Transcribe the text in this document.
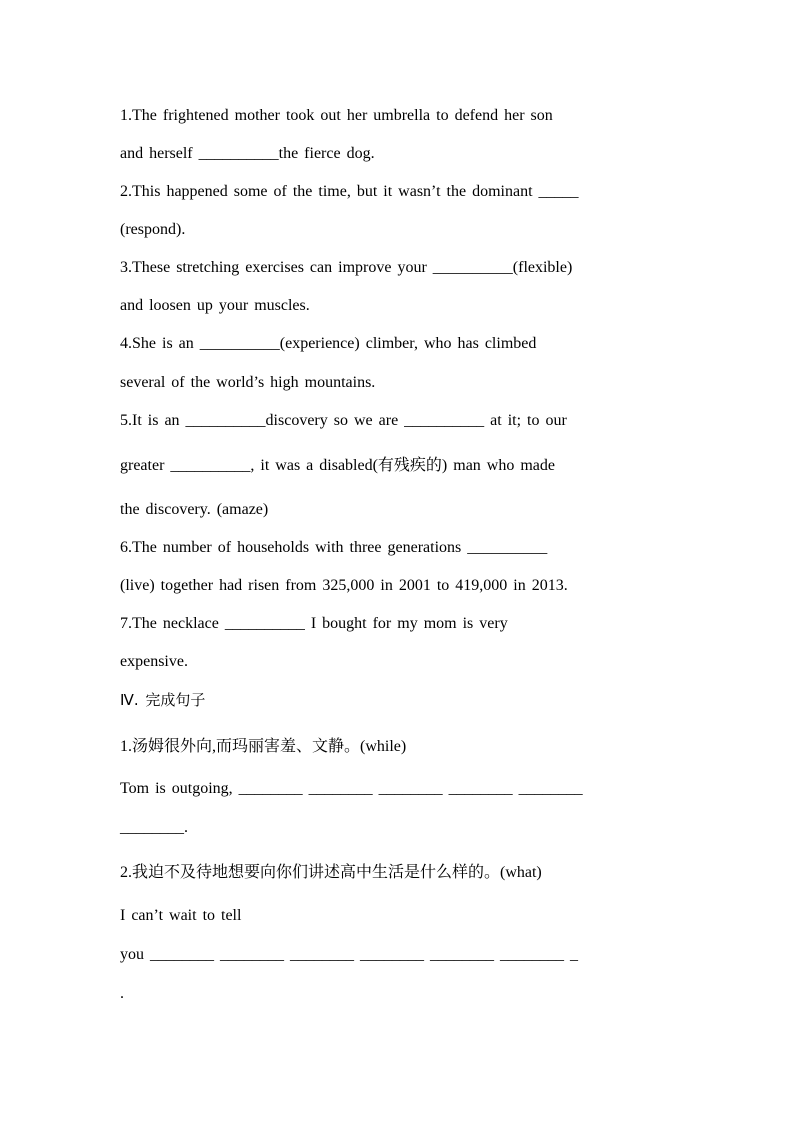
1.The frightened mother took out her umbrella to defend her son
and herself __________the fierce dog.
2.This happened some of the time, but it wasn’t the dominant _____
(respond).
3.These stretching exercises can improve your __________(flexible)
and loosen up your muscles.
4.She is an __________(experience) climber, who has climbed
several of the world’s high mountains.
5.It is an __________discovery so we are __________ at it; to our
greater __________, it was a disabled(有残疾的) man who made
the discovery. (amaze)
6.The number of households with three generations __________
(live) together had risen from 325,000 in 2001 to 419,000 in 2013.
7.The necklace __________ I bought for my mom is very
expensive.
Ⅳ. 完成句子
1.汤姆很外向,而玛丽害羞、文静。(while)
Tom is outgoing, ________ ________ ________ ________ ________
________.
2.我迫不及待地想要向你们讲述高中生活是什么样的。(what)
I can’t wait to tell
you ________ ________ ________ ________ ________ ________ _
.
